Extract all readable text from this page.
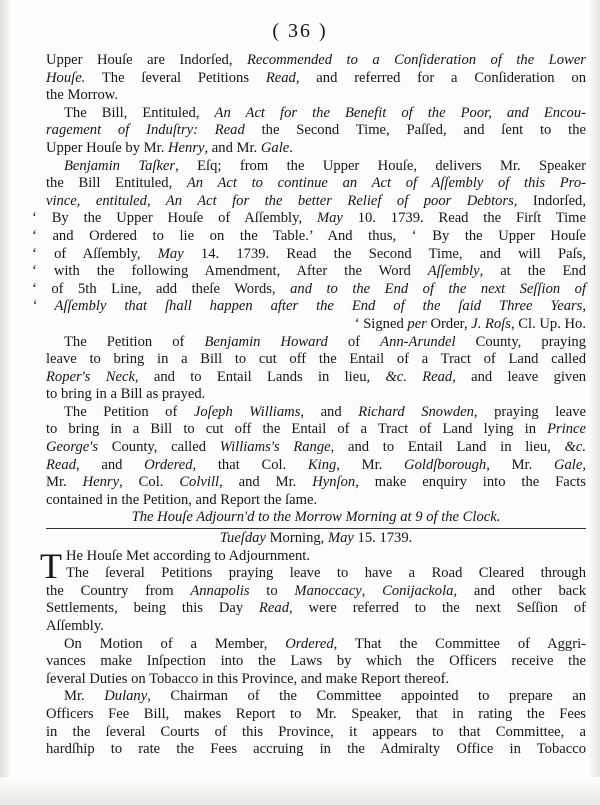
( 36 )
Upper Houſe are Indorſed, Recommended to a Conſideration of the Lower
Houſe. The ſeveral Petitions Read, and referred for a Conſideration on
the Morrow.
The Bill, Entituled, An Act for the Benefit of the Poor, and Encou-
ragement of Induſtry: Read the Second Time, Paſſed, and ſent to the
Upper Houſe by Mr. Henry, and Mr. Gale.
Benjamin Taſker, Eſq; from the Upper Houſe, delivers Mr. Speaker
the Bill Entituled, An Act to continue an Act of Aſſembly of this Pro-
vince, entituled, An Act for the better Relief of poor Debtors, Indorſed,
‘ By the Upper Houſe of Aſſembly, May 10. 1739. Read the Firſt Time
‘ and Ordered to lie on the Table.’ And thus, ‘ By the Upper Houſe
‘ of Aſſembly, May 14. 1739. Read the Second Time, and will Paſs,
‘ with the following Amendment, After the Word Aſſembly, at the End
‘ of 5th Line, add theſe Words, and to the End of the next Seſſion of
‘ Aſſembly that ſhall happen after the End of the ſaid Three Years,
‘ Signed per Order, J. Roſs, Cl. Up. Ho.
The Petition of Benjamin Howard of Ann-Arundel County, praying
leave to bring in a Bill to cut off the Entail of a Tract of Land called
Roper's Neck, and to Entail Lands in lieu, &c. Read, and leave given
to bring in a Bill as prayed.
The Petition of Joſeph Williams, and Richard Snowden, praying leave
to bring in a Bill to cut off the Entail of a Tract of Land lying in Prince
George's County, called Williams's Range, and to Entail Land in lieu, &c.
Read, and Ordered, that Col. King, Mr. Goldſborough, Mr. Gale,
Mr. Henry, Col. Colvill, and Mr. Hynſon, make enquiry into the Facts
contained in the Petition, and Report the ſame.
The Houſe Adjourn'd to the Morrow Morning at 9 of the Clock.
Tueſday Morning, May 15. 1739.
T He Houſe Met according to Adjournment.
The ſeveral Petitions praying leave to have a Road Cleared through
the Country from Annapolis to Manoccacy, Conijackola, and other back
Settlements, being this Day Read, were referred to the next Seſſion of
Aſſembly.
On Motion of a Member, Ordered, That the Committee of Aggri-
vances make Inſpection into the Laws by which the Officers receive the
ſeveral Duties on Tobacco in this Province, and make Report thereof.
Mr. Dulany, Chairman of the Committee appointed to prepare an
Officers Fee Bill, makes Report to Mr. Speaker, that in rating the Fees
in the ſeveral Courts of this Province, it appears to that Committee, a
hardſhip to rate the Fees accruing in the Admiralty Office in Tobacco
